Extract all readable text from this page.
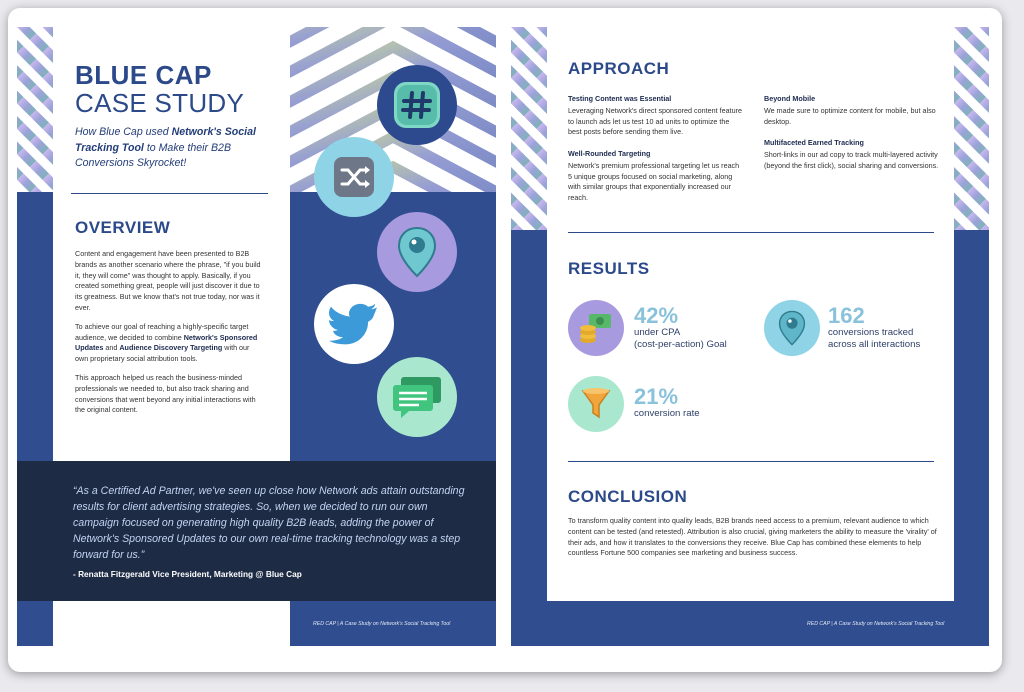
BLUE CAP
CASE STUDY
How Blue Cap used Network's Social Tracking Tool to Make their B2B Conversions Skyrocket!
OVERVIEW

Content and engagement have been presented to B2B brands as another scenario where the phrase, "if you build it, they will come" was thought to apply. Basically, if you created something great, people will just discover it due to its greatness. But we know that's not true today, nor was it ever.

To achieve our goal of reaching a highly-specific target audience, we decided to combine Network's Sponsored Updates and Audience Discovery Targeting with our own proprietary social attribution tools.

This approach helped us reach the business-minded professionals we needed to, but also track sharing and conversions that went beyond any initial interactions with the original content.

“As a Certified Ad Partner, we've seen up close how Network ads attain outstanding results for client advertising strategies. So, when we decided to run our own campaign focused on generating high quality B2B leads, adding the power of Network's Sponsored Updates to our own real-time tracking technology was a step forward for us.”
- Renatta Fitzgerald Vice President, Marketing @ Blue Cap
RED CAP | A Case Study on Network's Social Tracking Tool
APPROACH
Testing Content was Essential
Leveraging Network's direct sponsored content feature to launch ads let us test 10 ad units to optimize the best posts before sending them live.
Well-Rounded Targeting
Network's premium professional targeting let us reach 5 unique groups focused on social marketing, along with similar groups that exponentially increased our reach.
Beyond Mobile
We made sure to optimize content for mobile, but also desktop.
Multifaceted Earned Tracking
Short-links in our ad copy to track multi-layered activity (beyond the first click), social sharing and conversions.
RESULTS
42%
under CPA
(cost-per-action) Goal
162
conversions tracked
across all interactions
21%
conversion rate
CONCLUSION
To transform quality content into quality leads, B2B brands need access to a premium, relevant audience to which content can be tested (and retested). Attribution is also crucial, giving marketers the ability to measure the 'virality' of their ads, and how it translates to the conversions they receive. Blue Cap has combined these elements to help countless Fortune 500 companies see marketing and business success.
RED CAP | A Case Study on Network's Social Tracking Tool
